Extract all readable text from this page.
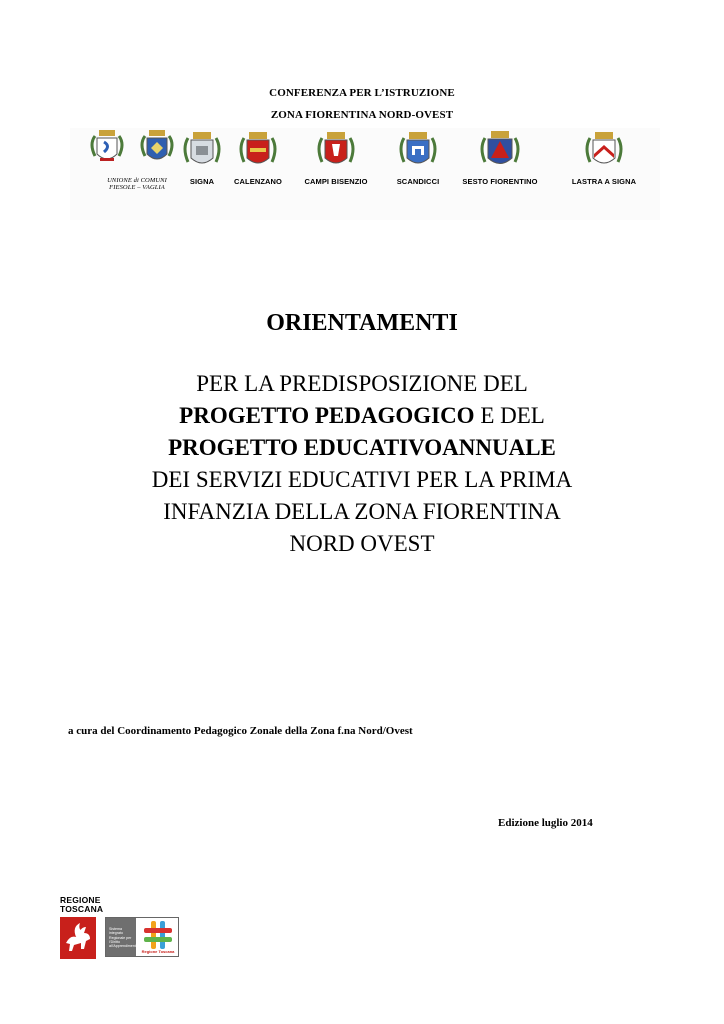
CONFERENZA PER L’ISTRUZIONE
ZONA FIORENTINA NORD-OVEST
UNIONE di COMUNI
FIESOLE – VAGLIA
SIGNA	CALENZANO	CAMPI BISENZIO	SCANDICCI	SESTO FIORENTINO	LASTRA A SIGNA
ORIENTAMENTI
PER LA PREDISPOSIZIONE DEL
PROGETTO PEDAGOGICO E DEL
PROGETTO EDUCATIVOANNUALE
DEI SERVIZI EDUCATIVI PER LA PRIMA
INFANZIA DELLA ZONA FIORENTINA
NORD OVEST
a cura del Coordinamento Pedagogico Zonale della Zona f.na Nord/Ovest
Edizione luglio 2014
REGIONE
TOSCANA
Sistema integrato Regionale per l’Diritto all’Apprendimento
Regione Toscana
